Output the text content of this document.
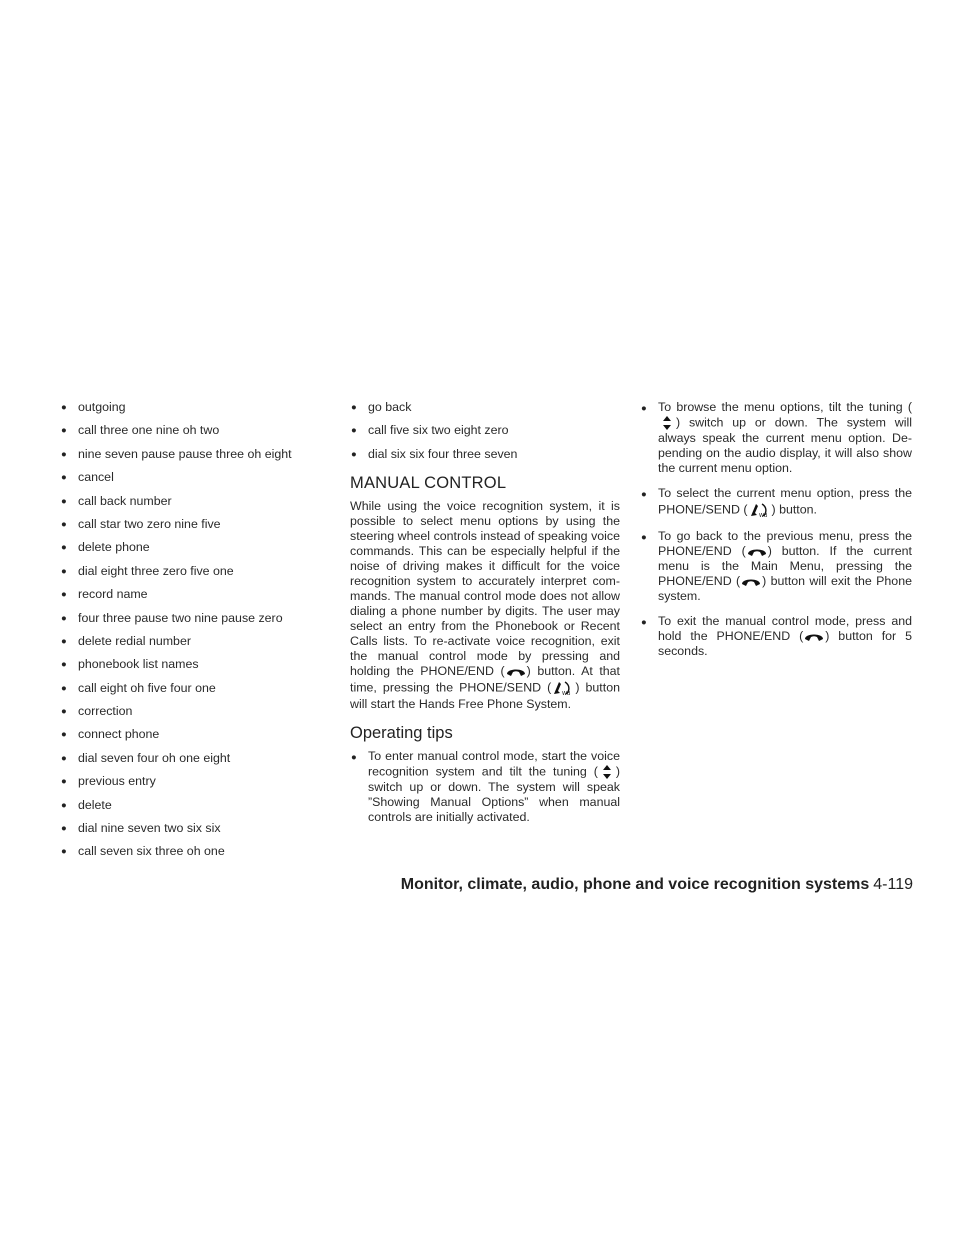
● outgoing
● call three one nine oh two
● nine seven pause pause three oh eight
● cancel
● call back number
● call star two zero nine five
● delete phone
● dial eight three zero five one
● record name
● four three pause two nine pause zero
● delete redial number
● phonebook list names
● call eight oh five four one
● correction
● connect phone
● dial seven four oh one eight
● previous entry
● delete
● dial nine seven two six six
● call seven six three oh one
● go back
● call five six two eight zero
● dial six six four three seven
MANUAL CONTROL

While using the voice recognition system, it is possible to select menu options by using the steering wheel controls instead of speaking voice commands. This can be especially helpful if the noise of driving makes it difficult for the voice recognition system to accurately interpret com-mands. The manual control mode does not allow dialing a phone number by digits. The user may select an entry from the Phonebook or Recent Calls lists. To re-activate voice recognition, exit the manual control mode by pressing and holding the PHONE/END ( ) button. At that time, pressing the PHONE/SEND ( WB ) button will start the Hands Free Phone System.

Operating tips
● To enter manual control mode, start the voice recognition system and tilt the tuning ( ) switch up or down. The system will speak ”Showing Manual Options” when manual controls are initially activated.
● To browse the menu options, tilt the tuning () switch up or down. The system will always speak the current menu option. De-pending on the audio display, it will also show the current menu option.
● To select the current menu option, press the PHONE/SEND ( WB ) button.
● To go back to the previous menu, press the PHONE/END ( ) button. If the current menu is the Main Menu, pressing the PHONE/END ( ) button will exit the Phone system.
● To exit the manual control mode, press and hold the PHONE/END ( ) button for 5 seconds.
Monitor, climate, audio, phone and voice recognition systems 4-119
